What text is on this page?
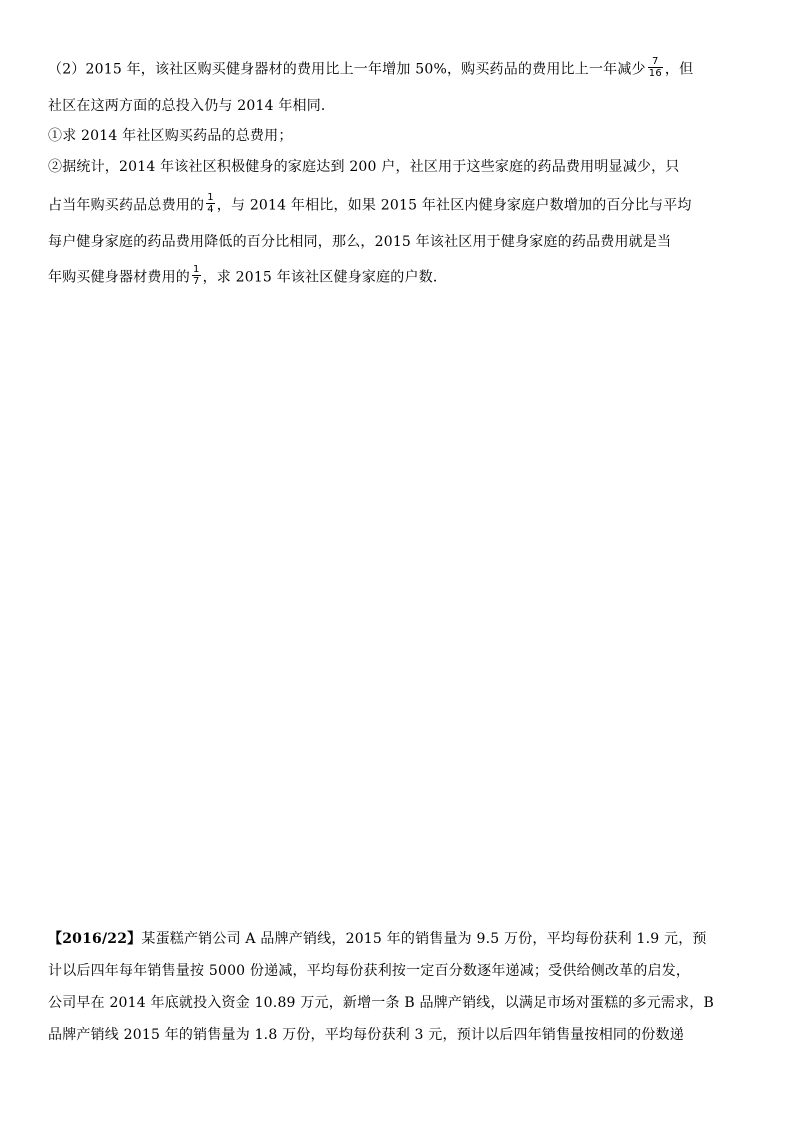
（2）2015 年，该社区购买健身器材的费用比上一年增加 50%，购买药品的费用比上一年减少 $\frac{7}{16}$ ，但
社区在这两方面的总投入仍与 2014 年相同．
①求 2014 年社区购买药品的总费用；
②据统计，2014 年该社区积极健身的家庭达到 200 户，社区用于这些家庭的药品费用明显减少，只
占当年购买药品总费用的 $\frac{1}{4}$ ，与 2014 年相比，如果 2015 年社区内健身家庭户数增加的百分比与平均
每户健身家庭的药品费用降低的百分比相同，那么，2015 年该社区用于健身家庭的药品费用就是当
年购买健身器材费用的 $\frac{1}{7}$ ，求 2015 年该社区健身家庭的户数．
【2016/22】某蛋糕产销公司 A 品牌产销线，2015 年的销售量为 9.5 万份，平均每份获利 1.9 元，预
计以后四年每年销售量按 5000 份递减，平均每份获利按一定百分数逐年递减；受供给侧改革的启发，
公司早在 2014 年底就投入资金 10.89 万元，新增一条 B 品牌产销线，以满足市场对蛋糕的多元需求，B
品牌产销线 2015 年的销售量为 1.8 万份，平均每份获利 3 元，预计以后四年销售量按相同的份数递
